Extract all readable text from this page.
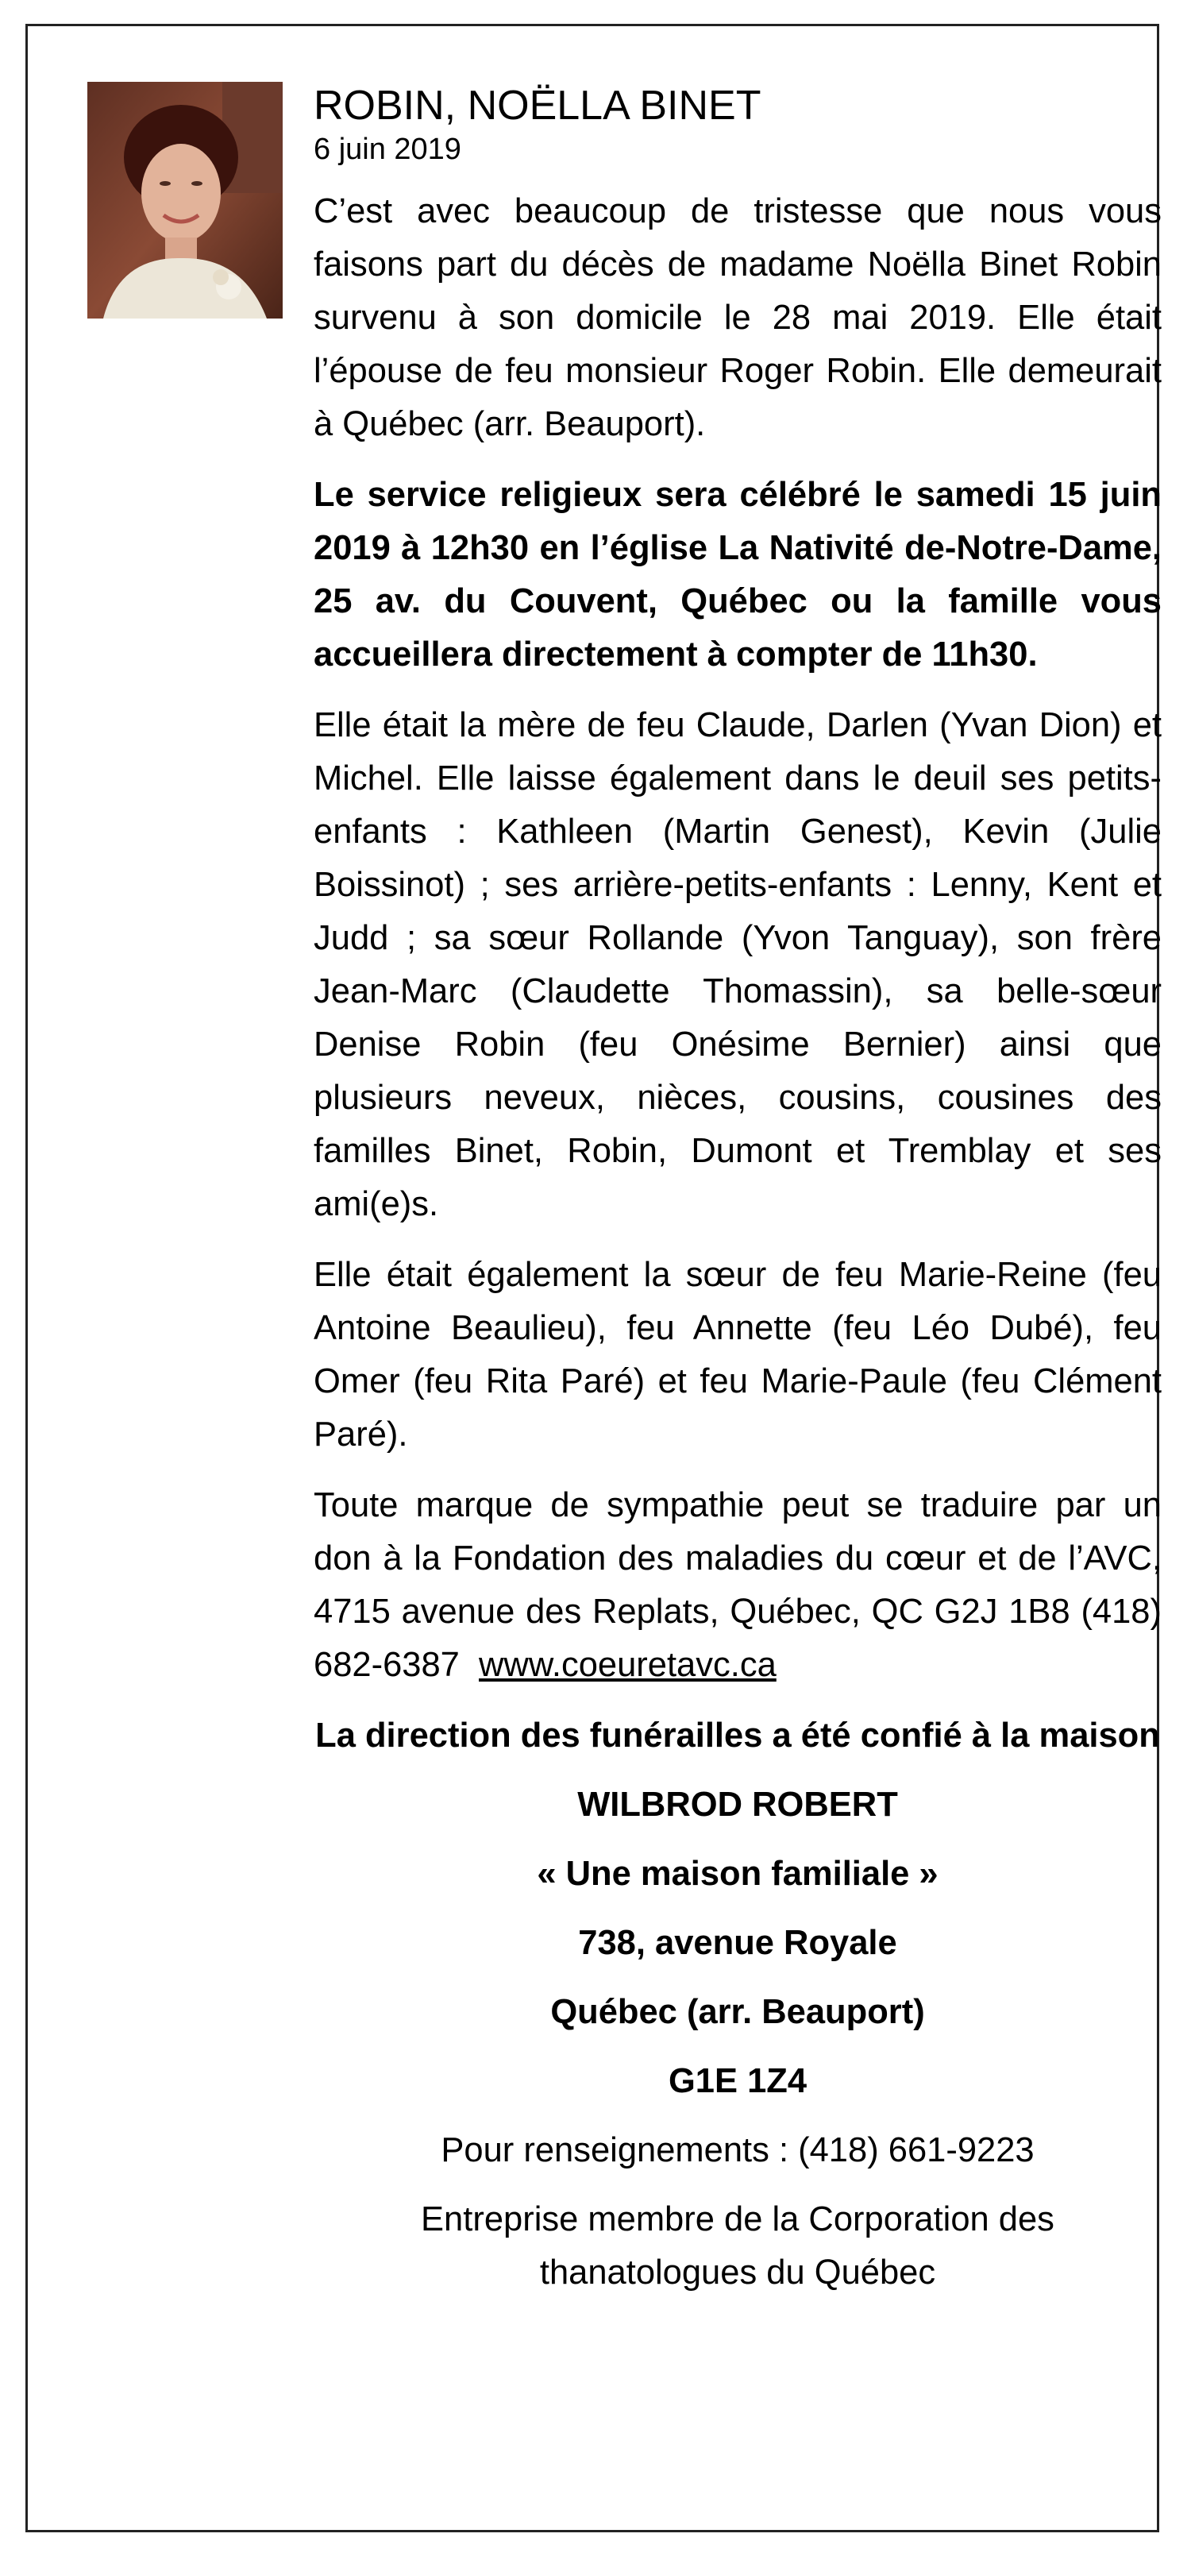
ROBIN, NOËLLA BINET

6 juin 2019

C’est avec beaucoup de tristesse que nous vous faisons part du décès de madame Noëlla Binet Robin survenu à son domicile le 28 mai 2019. Elle était l’épouse de feu monsieur Roger Robin. Elle demeurait à Québec (arr. Beauport).

Le service religieux sera célébré le samedi 15 juin 2019 à 12h30 en l’église La Nativité de-Notre-Dame, 25 av. du Couvent, Québec ou la famille vous accueillera directement à compter de 11h30.

Elle était la mère de feu Claude, Darlen (Yvan Dion) et Michel. Elle laisse également dans le deuil ses petits-enfants : Kathleen (Martin Genest), Kevin (Julie Boissinot) ; ses arrière-petits-enfants : Lenny, Kent et Judd ; sa sœur Rollande (Yvon Tanguay), son frère Jean-Marc (Claudette Thomassin), sa belle-sœur Denise Robin (feu Onésime Bernier) ainsi que plusieurs neveux, nièces, cousins, cousines des familles Binet, Robin, Dumont et Tremblay et ses ami(e)s.

Elle était également la sœur de feu Marie-Reine (feu Antoine Beaulieu), feu Annette (feu Léo Dubé), feu Omer (feu Rita Paré) et feu Marie-Paule (feu Clément Paré).

Toute marque de sympathie peut se traduire par un don à la Fondation des maladies du cœur et de l’AVC, 4715 avenue des Replats, Québec, QC G2J 1B8 (418) 682-6387 www.coeuretavc.ca

La direction des funérailles a été confié à la maison

WILBROD ROBERT

« Une maison familiale »

738, avenue Royale

Québec (arr. Beauport)

G1E 1Z4

Pour renseignements : (418) 661-9223

Entreprise membre de la Corporation des thanatologues du Québec
